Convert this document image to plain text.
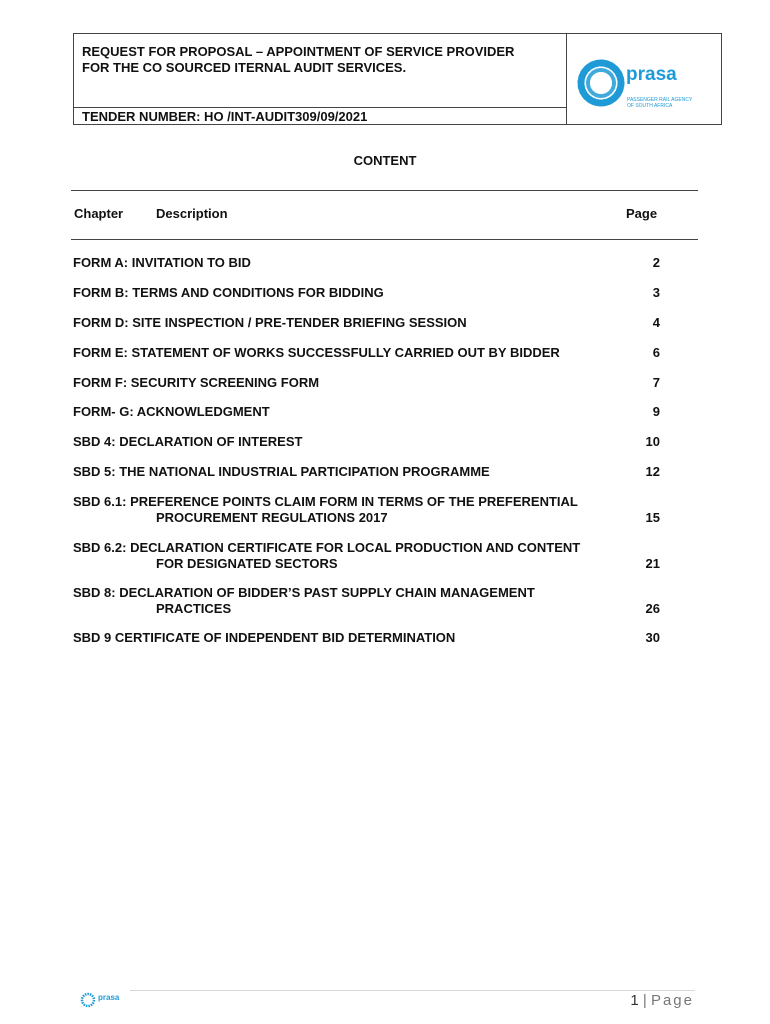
REQUEST FOR PROPOSAL – APPOINTMENT OF SERVICE PROVIDER
FOR THE CO SOURCED ITERNAL AUDIT SERVICES.
TENDER NUMBER: HO /INT-AUDIT309/09/2021
prasa
PASSENGER RAIL AGENCY OF SOUTH AFRICA
CONTENT
Chapter	Description	Page
FORM A: INVITATION TO BID	2
FORM B: TERMS AND CONDITIONS FOR BIDDING	3
FORM D: SITE INSPECTION / PRE-TENDER BRIEFING SESSION	4
FORM E: STATEMENT OF WORKS SUCCESSFULLY CARRIED OUT BY BIDDER	6
FORM F: SECURITY SCREENING FORM	7
FORM- G: ACKNOWLEDGMENT	9
SBD 4: DECLARATION OF INTEREST	10
SBD 5: THE NATIONAL INDUSTRIAL PARTICIPATION PROGRAMME	12
SBD 6.1: PREFERENCE POINTS CLAIM FORM IN TERMS OF THE PREFERENTIAL
PROCUREMENT REGULATIONS 2017	15
SBD 6.2: DECLARATION CERTIFICATE FOR LOCAL PRODUCTION AND CONTENT
FOR DESIGNATED SECTORS	21
SBD 8: DECLARATION OF BIDDER’S PAST SUPPLY CHAIN MANAGEMENT
PRACTICES	26
SBD 9 CERTIFICATE OF INDEPENDENT BID DETERMINATION	30
prasa	1 | Page
